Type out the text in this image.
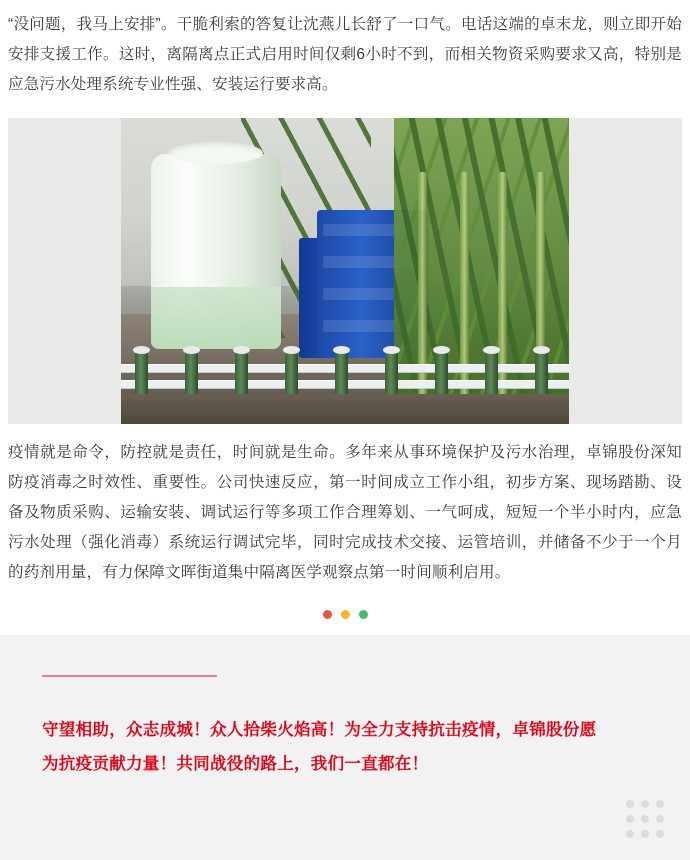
“没问题，我马上安排”。干脆利索的答复让沈燕儿长舒了一口气。电话这端的卓末龙，则立即开始安排支援工作。这时，离隔离点正式启用时间仅剩6小时不到，而相关物资采购要求又高，特别是应急污水处理系统专业性强、安装运行要求高。

疫情就是命令，防控就是责任，时间就是生命。多年来从事环境保护及污水治理，卓锦股份深知防疫消毒之时效性、重要性。公司快速反应，第一时间成立工作小组，初步方案、现场踏勘、设备及物质采购、运输安装、调试运行等多项工作合理筹划、一气呵成，短短一个半小时内，应急污水处理（强化消毒）系统运行调试完毕，同时完成技术交接、运管培训，并储备不少于一个月的药剂用量，有力保障文晖街道集中隔离医学观察点第一时间顺利启用。

守望相助，众志成城！众人拾柴火焰高！为全力支持抗击疫情，卓锦股份愿
为抗疫贡献力量！共同战役的路上，我们一直都在！
